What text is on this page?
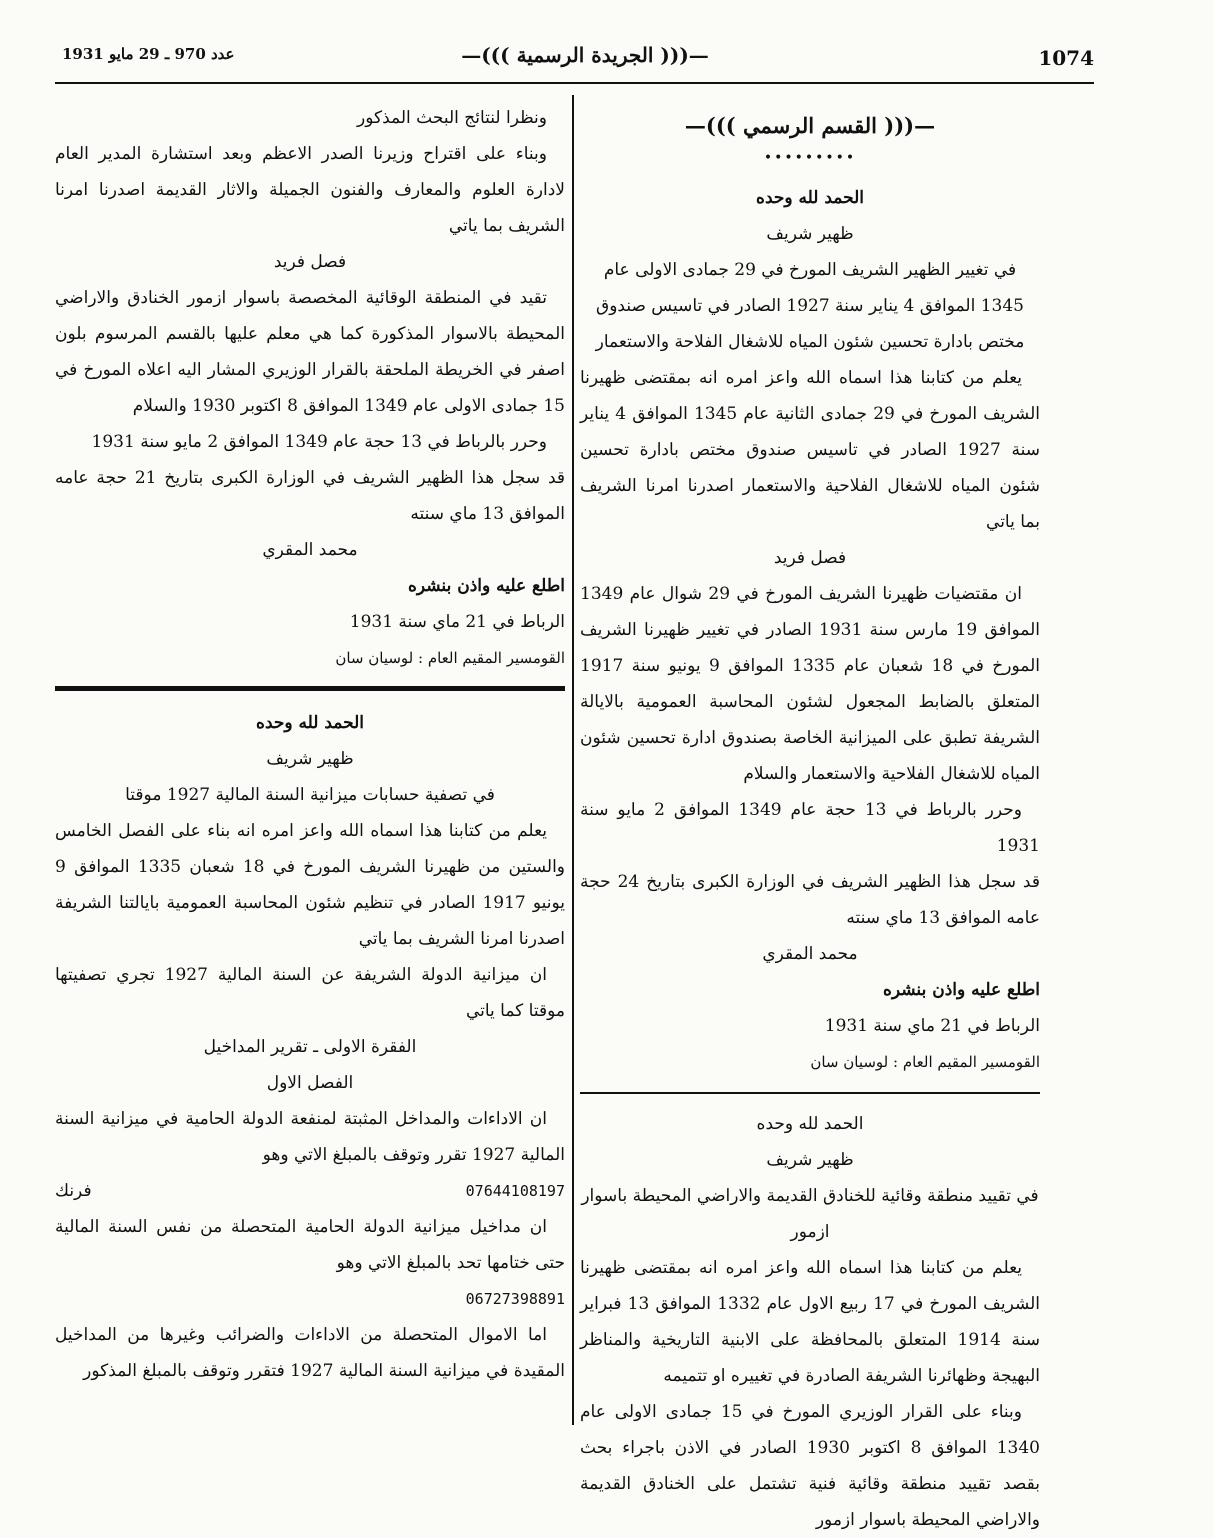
1074
—((( الجريدة الرسمية )))—
عدد 970 ـ 29 مايو 1931
—((( القسم الرسمي )))—
•••••••••
الحمد لله وحده
ظهير شريف

في تغيير الظهير الشريف المورخ في 29 جمادى الاولى عام 1345 الموافق 4 يناير سنة 1927 الصادر في تاسيس صندوق مختص بادارة تحسين شئون المياه للاشغال الفلاحة والاستعمار

يعلم من كتابنا هذا اسماه الله واعز امره انه بمقتضى ظهيرنا الشريف المورخ في 29 جمادى الثانية عام 1345 الموافق 4 يناير سنة 1927 الصادر في تاسيس صندوق مختص بادارة تحسين شئون المياه للاشغال الفلاحية والاستعمار اصدرنا امرنا الشريف بما ياتي

فصل فريد

ان مقتضيات ظهيرنا الشريف المورخ في 29 شوال عام 1349 الموافق 19 مارس سنة 1931 الصادر في تغيير ظهيرنا الشريف المورخ في 18 شعبان عام 1335 الموافق 9 يونيو سنة 1917 المتعلق بالضابط المجعول لشئون المحاسبة العمومية بالايالة الشريفة تطبق على الميزانية الخاصة بصندوق ادارة تحسين شئون المياه للاشغال الفلاحية والاستعمار والسلام

وحرر بالرباط في 13 حجة عام 1349 الموافق 2 مايو سنة 1931

قد سجل هذا الظهير الشريف في الوزارة الكبرى بتاريخ 24 حجة عامه الموافق 13 ماي سنته

محمد المقري
اطلع عليه واذن بنشره
الرباط في 21 ماي سنة 1931
القومسير المقيم العام : لوسيان سان
الحمد لله وحده
ظهير شريف

في تقييد منطقة وقائية للخنادق القديمة والاراضي المحيطة باسوار ازمور

يعلم من كتابنا هذا اسماه الله واعز امره انه بمقتضى ظهيرنا الشريف المورخ في 17 ربيع الاول عام 1332 الموافق 13 فبراير سنة 1914 المتعلق بالمحافظة على الابنية التاريخية والمناظر البهيجة وظهائرنا الشريفة الصادرة في تغييره او تتميمه

وبناء على القرار الوزيري المورخ في 15 جمادى الاولى عام 1340 الموافق 8 اكتوبر 1930 الصادر في الاذن باجراء بحث بقصد تقييد منطقة وقائية فنية تشتمل على الخنادق القديمة والاراضي المحيطة باسوار ازمور

ونظرا لنتائج البحث المذكور

وبناء على اقتراح وزيرنا الصدر الاعظم وبعد استشارة المدير العام لادارة العلوم والمعارف والفنون الجميلة والاثار القديمة اصدرنا امرنا الشريف بما ياتي

فصل فريد

تقيد في المنطقة الوقائية المخصصة باسوار ازمور الخنادق والاراضي المحيطة بالاسوار المذكورة كما هي معلم عليها بالقسم المرسوم بلون اصفر في الخريطة الملحقة بالقرار الوزيري المشار اليه اعلاه المورخ في 15 جمادى الاولى عام 1349 الموافق 8 اكتوبر 1930 والسلام

وحرر بالرباط في 13 حجة عام 1349 الموافق 2 مايو سنة 1931

قد سجل هذا الظهير الشريف في الوزارة الكبرى بتاريخ 21 حجة عامه الموافق 13 ماي سنته

محمد المقري
اطلع عليه واذن بنشره
الرباط في 21 ماي سنة 1931
القومسير المقيم العام : لوسيان سان
الحمد لله وحده
ظهير شريف
في تصفية حسابات ميزانية السنة المالية 1927 موقتا

يعلم من كتابنا هذا اسماه الله واعز امره انه بناء على الفصل الخامس والستين من ظهيرنا الشريف المورخ في 18 شعبان 1335 الموافق 9 يونيو 1917 الصادر في تنظيم شئون المحاسبة العمومية بايالتنا الشريفة اصدرنا امرنا الشريف بما ياتي

ان ميزانية الدولة الشريفة عن السنة المالية 1927 تجري تصفيتها موقتا كما ياتي

الفقرة الاولى ـ تقرير المداخيل
الفصل الاول

ان الاداءات والمداخل المثبتة لمنفعة الدولة الحامية في ميزانية السنة المالية 1927 تقرر وتوقف بالمبلغ الاتي وهو

07644108197
فرنك

ان مداخيل ميزانية الدولة الحامية المتحصلة من نفس السنة المالية حتى ختامها تحد بالمبلغ الاتي وهو

06727398891

اما الاموال المتحصلة من الاداءات والضرائب وغيرها من المداخيل المقيدة في ميزانية السنة المالية 1927 فتقرر وتوقف بالمبلغ المذكور
